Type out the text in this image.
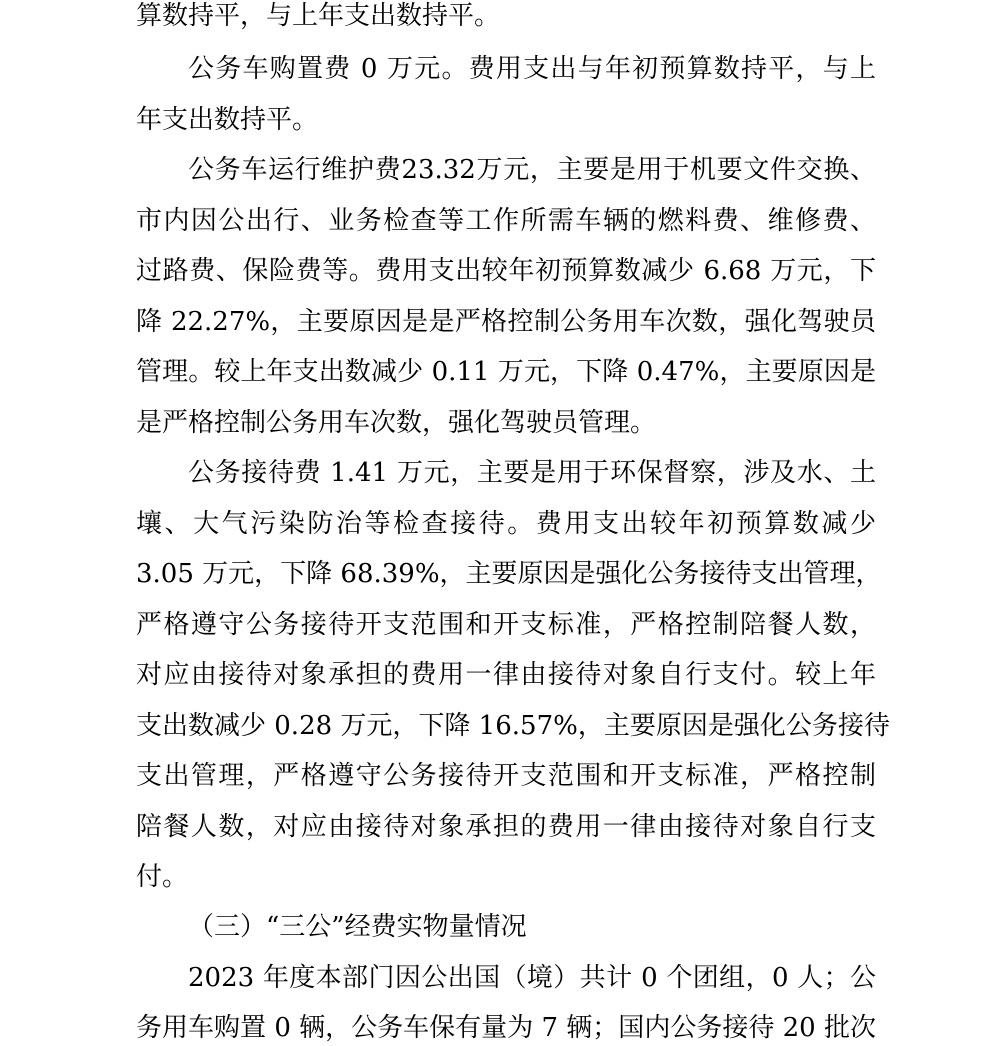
算数持平，与上年支出数持平。
公务车购置费 0 万元。费用支出与年初预算数持平，与上
年支出数持平。
公务车运行维护费23.32万元，主要是用于机要文件交换、
市内因公出行、业务检查等工作所需车辆的燃料费、维修费、
过路费、保险费等。费用支出较年初预算数减少 6.68 万元，下
降 22.27%，主要原因是是严格控制公务用车次数，强化驾驶员
管理。较上年支出数减少 0.11 万元，下降 0.47%，主要原因是
是严格控制公务用车次数，强化驾驶员管理。
公务接待费 1.41 万元，主要是用于环保督察，涉及水、土
壤、大气污染防治等检查接待。费用支出较年初预算数减少
3.05 万元，下降 68.39%，主要原因是强化公务接待支出管理，
严格遵守公务接待开支范围和开支标准，严格控制陪餐人数，
对应由接待对象承担的费用一律由接待对象自行支付。较上年
支出数减少 0.28 万元，下降 16.57%，主要原因是强化公务接待
支出管理，严格遵守公务接待开支范围和开支标准，严格控制
陪餐人数，对应由接待对象承担的费用一律由接待对象自行支
付。
（三）“三公”经费实物量情况
2023 年度本部门因公出国（境）共计 0 个团组，0 人；公
务用车购置 0 辆，公务车保有量为 7 辆；国内公务接待 20 批次
